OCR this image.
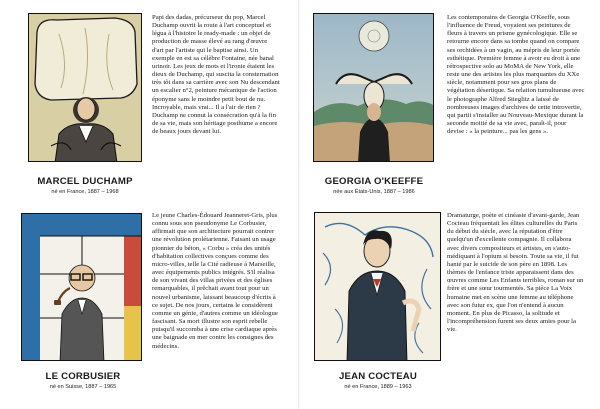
MARCEL DUCHAMP
né en France, 1887 – 1968

Papi des dadas, précurseur du pop, Marcel Duchamp ouvrit la route à l'art conceptuel et légua à l'histoire le ready-made : un objet de production de masse élevé au rang d'œuvre d'art par l'artiste qui le baptise ainsi. Un exemple en est sa célèbre Fontaine, née banal urinoir. Les jeux de mots et l'ironie étaient les dieux de Duchamp, qui suscita la consternation très tôt dans sa carrière avec son Nu descendant un escalier n°2, peinture mécanique de l'action éponyme sans le moindre petit bout de nu. Incroyable, mais vrai... Il a l'air de rien ? Duchamp ne connut la consécration qu'à la fin de sa vie, mais son héritage posthume a encore de beaux jours devant lui.

GEORGIA O'KEEFFE
née aux États-Unis, 1887 – 1986

Les contemporains de Georgia O'Keeffe, sous l'influence de Freud, voyaient ses peintures de fleurs à travers un prisme gynécologique. Elle se retourne encore dans sa tombe quand on compare ses orchidées à un vagin, au mépris de leur portée esthétique. Première femme à avoir eu droit à une rétrospective solo au MoMA de New York, elle reste une des artistes les plus marquantes du XXe siècle, notamment pour ses gros plans de végétation désertique. Sa relation tumultueuse avec le photographe Alfred Stieglitz a laissé de nombreuses images d'archives de cette introvertie, qui partit s'installer au Nouveau-Mexique durant la seconde moitié de sa vie avec, paraît-il, pour devise : « la peinture... pas les gens ».

LE CORBUSIER
né en Suisse, 1887 – 1965

Le jeune Charles-Édouard Jeanneret-Gris, plus connu sous son pseudonyme Le Corbusier, affirmait que son architecture pourrait contrer une révolution prolétarienne. Faisant un usage pionnier du béton, « Corbu » créa des unités d'habitation collectives conçues comme des micro-villes, telle la Cité radieuse à Marseille, avec équipements publics intégrés. S'il réalisa de son vivant des villas privées et des églises remarquables, il prêchait avant tout pour un nouvel urbanisme, laissant beaucoup d'écrits à ce sujet. De nos jours, certains le considèrent comme un génie, d'autres comme un idéologue fascisant. Sa mort illustre son esprit rebelle puisqu'il succomba à une crise cardiaque après une baignade en mer contre les consignes des médecins.

JEAN COCTEAU
né en France, 1889 – 1963

Dramaturge, poète et cinéaste d'avant-garde, Jean Cocteau fréquentait les élites culturelles du Paris du début du siècle, avec la réputation d'être quelqu'un d'excellente compagnie. Il collabora avec divers compositeurs et artistes, en s'auto-médiquant à l'opium si besoin. Toute sa vie, il fut hanté par le suicide de son père en 1898. Les thèmes de l'enfance triste apparaissent dans des œuvres comme Les Enfants terribles, roman sur un frère et une sœur tourmentés. Sa pièce La Voix humaine met en scène une femme au téléphone avec son futur ex, que l'on n'entend à aucun moment. En plus de Picasso, la solitude et l'incompréhension furent ses deux amies pour la vie.
